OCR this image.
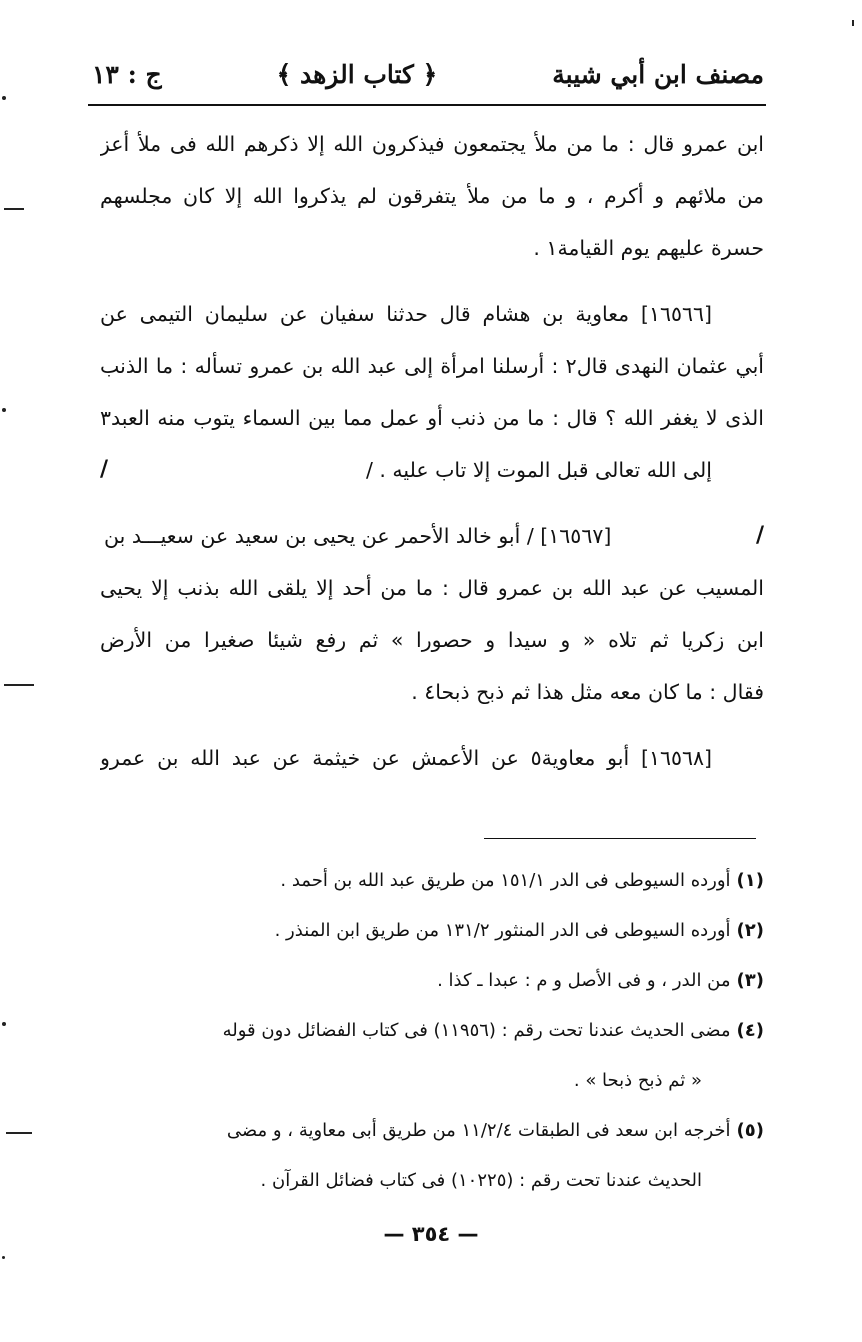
مصنف ابن أبي شيبة
﴿ كتاب الزهد ﴾
ج : ١٣
ابن عمرو قال : ما من ملأ يجتمعون فيذكرون الله إلا ذكرهم الله فى ملأ أعز
من ملائهم و أكرم ، و ما من ملأ يتفرقون لم يذكروا الله إلا كان مجلسهم
حسرة عليهم يوم القيامة١ .
[١٦٥٦٦] معاوية بن هشام قال حدثنا سفيان عن سليمان التيمى عن
أبي عثمان النهدى قال٢ : أرسلنا امرأة إلى عبد الله بن عمرو تسأله : ما الذنب
الذى لا يغفر الله ؟ قال : ما من ذنب أو عمل مما بين السماء يتوب منه العبد٣
إلى الله تعالى قبل الموت إلا تاب عليه . /
/
/
[١٦٥٦٧] / أبو خالد الأحمر عن يحيى بن سعيد عن سعيـــد بن
المسيب عن عبد الله بن عمرو قال : ما من أحد إلا يلقى الله بذنب إلا يحيى
ابن زكريا ثم تلاه « و سيدا و حصورا » ثم رفع شيئا صغيرا من الأرض
فقال : ما كان معه مثل هذا ثم ذبح ذبحا٤ .
[١٦٥٦٨] أبو معاوية٥ عن الأعمش عن خيثمة عن عبد الله بن عمرو
(١)أورده السيوطى فى الدر ١٥١/١ من طريق عبد الله بن أحمد .
(٢)أورده السيوطى فى الدر المنثور ١٣١/٢ من طريق ابن المنذر .
(٣)من الدر ، و فى الأصل و م : عبدا ـ كذا .
(٤)مضى الحديث عندنا تحت رقم : (١١٩٥٦) فى كتاب الفضائل دون قوله
« ثم ذبح ذبحا » .
(٥)أخرجه ابن سعد فى الطبقات ١١/٢/٤ من طريق أبى معاوية ، و مضى
الحديث عندنا تحت رقم : (١٠٢٢٥) فى كتاب فضائل القرآن .
— ٣٥٤ —
